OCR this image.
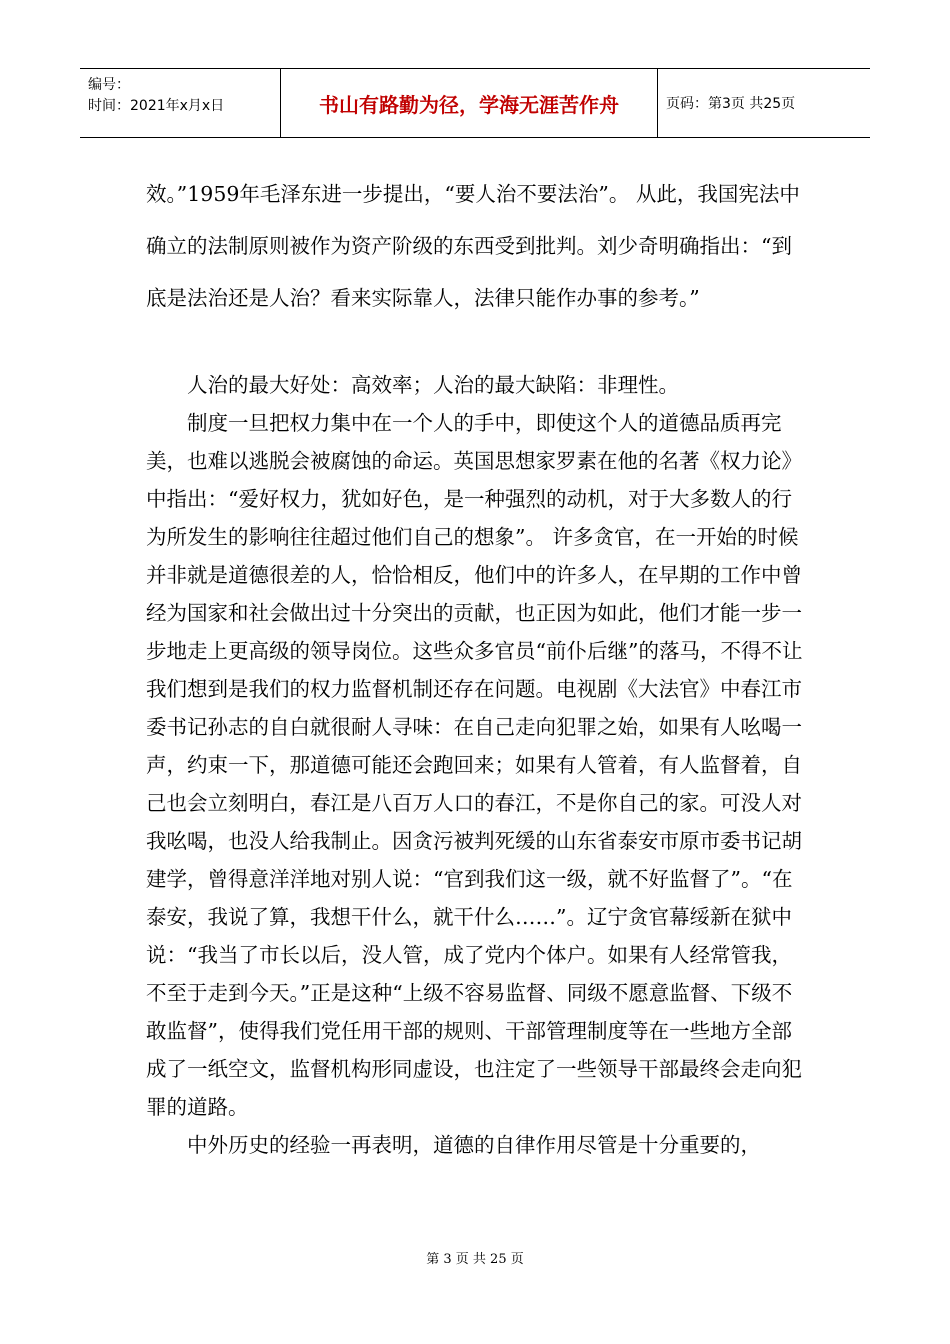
编号：
时间：2021年x月x日	书山有路勤为径，学海无涯苦作舟	页码：第3页 共25页

效。”1959年毛泽东进一步提出，“要人治不要法治”。 从此，我国宪法中确立的法制原则被作为资产阶级的东西受到批判。刘少奇明确指出：“到底是法治还是人治？看来实际靠人，法律只能作办事的参考。”

人治的最大好处：高效率；人治的最大缺陷：非理性。

制度一旦把权力集中在一个人的手中，即使这个人的道德品质再完美，也难以逃脱会被腐蚀的命运。英国思想家罗素在他的名著《权力论》中指出：“爱好权力，犹如好色，是一种强烈的动机，对于大多数人的行为所发生的影响往往超过他们自己的想象”。 许多贪官，在一开始的时候并非就是道德很差的人，恰恰相反，他们中的许多人，在早期的工作中曾经为国家和社会做出过十分突出的贡献，也正因为如此，他们才能一步一步地走上更高级的领导岗位。这些众多官员“前仆后继”的落马，不得不让我们想到是我们的权力监督机制还存在问题。电视剧《大法官》中春江市委书记孙志的自白就很耐人寻味：在自己走向犯罪之始，如果有人吆喝一声，约束一下，那道德可能还会跑回来；如果有人管着，有人监督着，自己也会立刻明白，春江是八百万人口的春江，不是你自己的家。可没人对我吆喝，也没人给我制止。因贪污被判死缓的山东省泰安市原市委书记胡建学，曾得意洋洋地对别人说：“官到我们这一级，就不好监督了”。“在泰安，我说了算，我想干什么，就干什么……”。辽宁贪官幕绥新在狱中说：“我当了市长以后，没人管，成了党内个体户。如果有人经常管我，不至于走到今天。”正是这种“上级不容易监督、同级不愿意监督、下级不敢监督”，使得我们党任用干部的规则、干部管理制度等在一些地方全部成了一纸空文，监督机构形同虚设，也注定了一些领导干部最终会走向犯罪的道路。

中外历史的经验一再表明，道德的自律作用尽管是十分重要的，

第 3 页 共 25 页
